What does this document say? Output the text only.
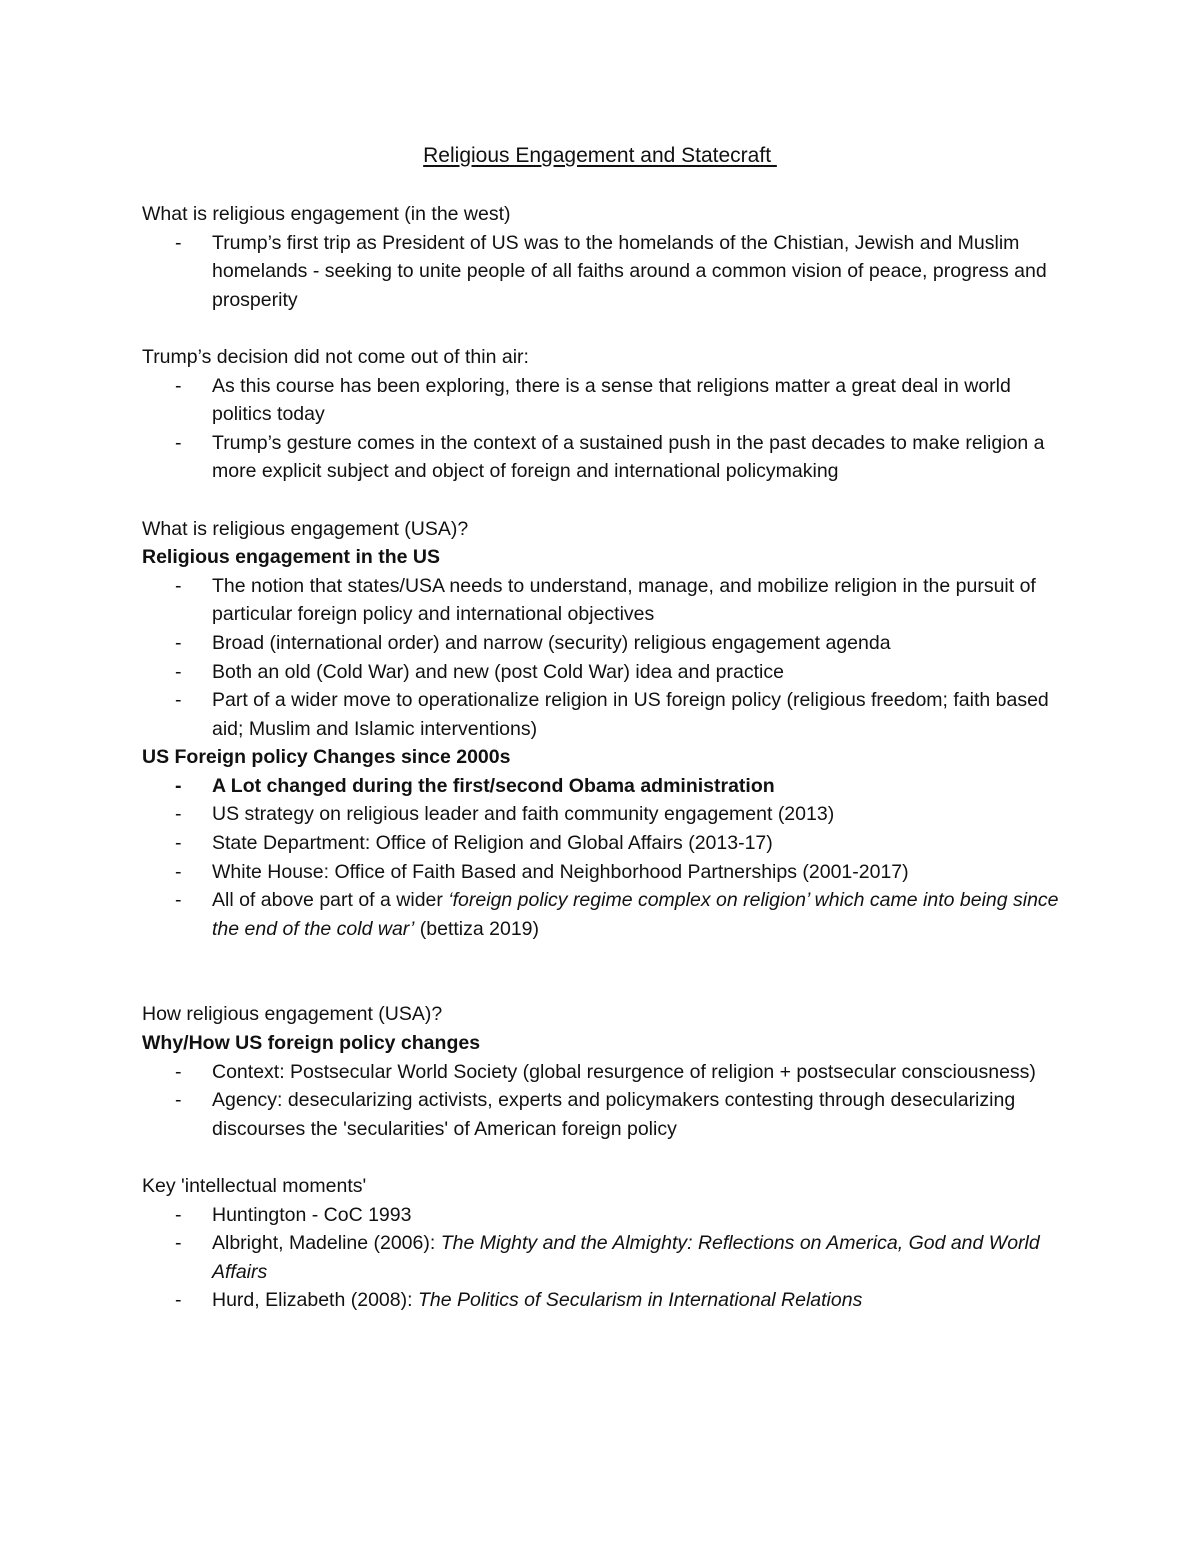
Religious Engagement and Statecraft

What is religious engagement (in the west)

- Trump’s first trip as President of US was to the homelands of the Chistian, Jewish and Muslim homelands - seeking to unite people of all faiths around a common vision of peace, progress and prosperity

Trump’s decision did not come out of thin air:

- As this course has been exploring, there is a sense that religions matter a great deal in world politics today
- Trump’s gesture comes in the context of a sustained push in the past decades to make religion a more explicit subject and object of foreign and international policymaking

What is religious engagement (USA)?

Religious engagement in the US

- The notion that states/USA needs to understand, manage, and mobilize religion in the pursuit of particular foreign policy and international objectives
- Broad (international order) and narrow (security) religious engagement agenda
- Both an old (Cold War) and new (post Cold War) idea and practice
- Part of a wider move to operationalize religion in US foreign policy (religious freedom; faith based aid; Muslim and Islamic interventions)

US Foreign policy Changes since 2000s

- A Lot changed during the first/second Obama administration
- US strategy on religious leader and faith community engagement (2013)
- State Department: Office of Religion and Global Affairs (2013-17)
- White House: Office of Faith Based and Neighborhood Partnerships (2001-2017)
- All of above part of a wider ‘foreign policy regime complex on religion’ which came into being since the end of the cold war’ (bettiza 2019)

How religious engagement (USA)?

Why/How US foreign policy changes

- Context: Postsecular World Society (global resurgence of religion + postsecular consciousness)
- Agency: desecularizing activists, experts and policymakers contesting through desecularizing discourses the 'secularities' of American foreign policy

Key 'intellectual moments'

- Huntington - CoC 1993
- Albright, Madeline (2006): The Mighty and the Almighty: Reflections on America, God and World Affairs
- Hurd, Elizabeth (2008): The Politics of Secularism in International Relations
